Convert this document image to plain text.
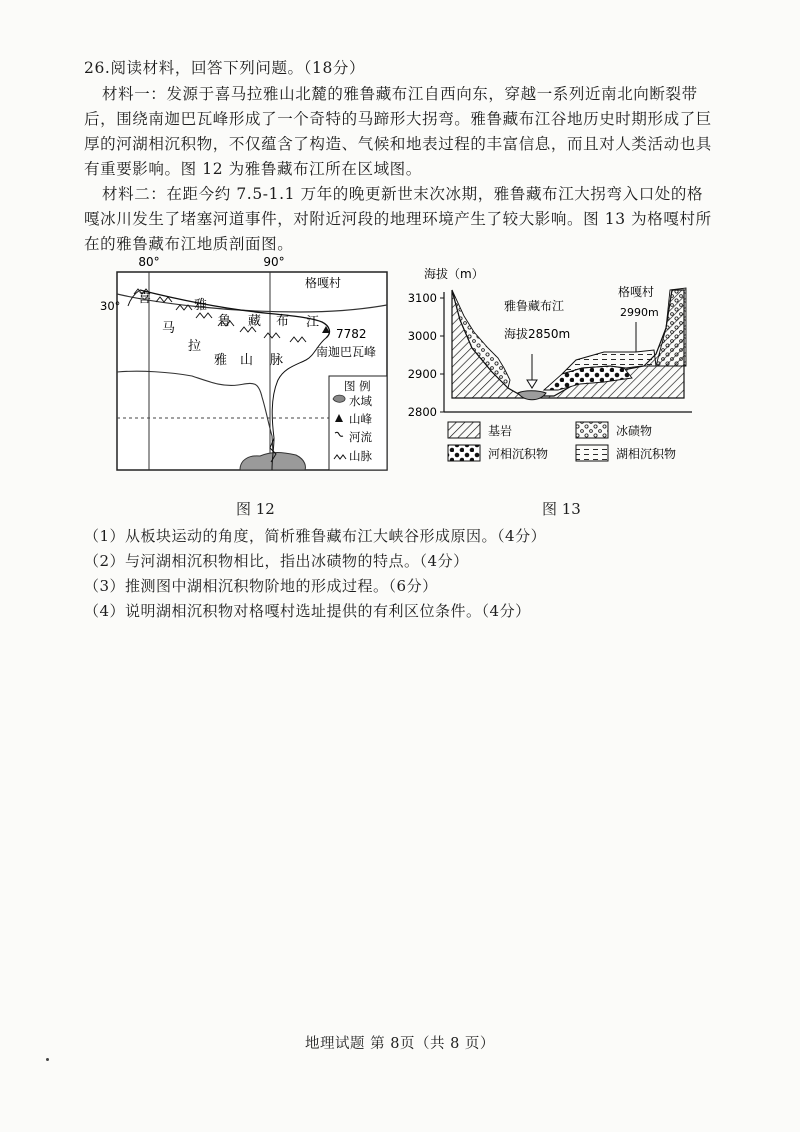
26.阅读材料，回答下列问题。（18分）
材料一：发源于喜马拉雅山北麓的雅鲁藏布江自西向东，穿越一系列近南北向断裂带
后，围绕南迦巴瓦峰形成了一个奇特的马蹄形大拐弯。雅鲁藏布江谷地历史时期形成了巨
厚的河湖相沉积物，不仅蕴含了构造、气候和地表过程的丰富信息，而且对人类活动也具
有重要影响。图 12 为雅鲁藏布江所在区域图。
材料二：在距今约 7.5-1.1 万年的晚更新世末次冰期，雅鲁藏布江大拐弯入口处的格
嘎冰川发生了堵塞河道事件，对附近河段的地理环境产生了较大影响。图 13 为格嘎村所
在的雅鲁藏布江地质剖面图。
80°	90°
30°
格嘎村
7782
南迦巴瓦峰
雅
鲁 藏 布 江
喜
马
拉
雅 山 脉
图 例
水域
山峰
河流
山脉
海拔（m）
3100
3000
2900
2800
雅鲁藏布江
海拔2850m
格嘎村
2990m
基岩	冰碛物
河相沉积物	湖相沉积物
图 12	图 13
（1）从板块运动的角度，简析雅鲁藏布江大峡谷形成原因。（4分）
（2）与河湖相沉积物相比，指出冰碛物的特点。（4分）
（3）推测图中湖相沉积物阶地的形成过程。（6分）
（4）说明湖相沉积物对格嘎村选址提供的有利区位条件。（4分）
地理试题 第 8页（共 8 页）
